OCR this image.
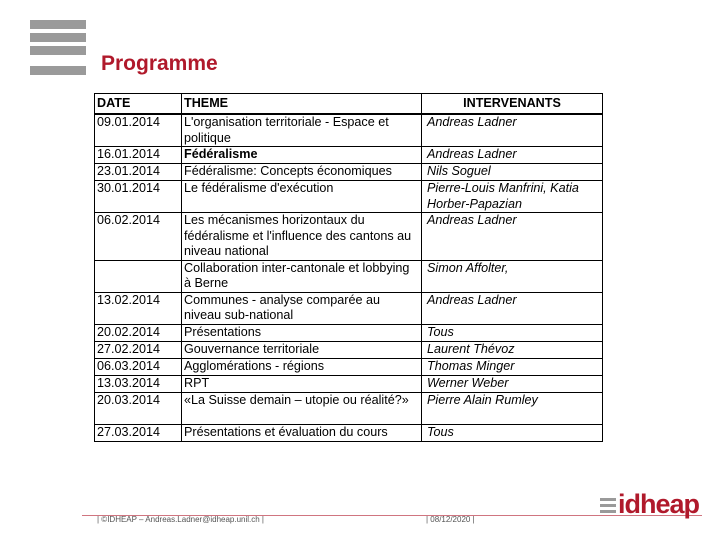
Programme
DATE	THEME	INTERVENANTS
09.01.2014	L'organisation territoriale - Espace et politique	Andreas Ladner
16.01.2014	Fédéralisme	Andreas Ladner
23.01.2014	Fédéralisme: Concepts économiques	Nils Soguel
30.01.2014	Le fédéralisme d'exécution	Pierre-Louis Manfrini, Katia Horber-Papazian
06.02.2014	Les mécanismes horizontaux du fédéralisme et l'influence des cantons au niveau national	Andreas Ladner
	Collaboration inter-cantonale et lobbying à Berne	Simon Affolter,
13.02.2014	Communes - analyse comparée au niveau sub-national	Andreas Ladner
20.02.2014	Présentations	Tous
27.02.2014	Gouvernance territoriale	Laurent Thévoz
06.03.2014	Agglomérations - régions	Thomas Minger
13.03.2014	RPT	Werner Weber
20.03.2014	«La Suisse demain – utopie ou réalité?»	Pierre Alain Rumley
27.03.2014	Présentations et évaluation du cours	Tous
| ©IDHEAP – Andreas.Ladner@idheap.unil.ch |	| 08/12/2020 |
idheap
